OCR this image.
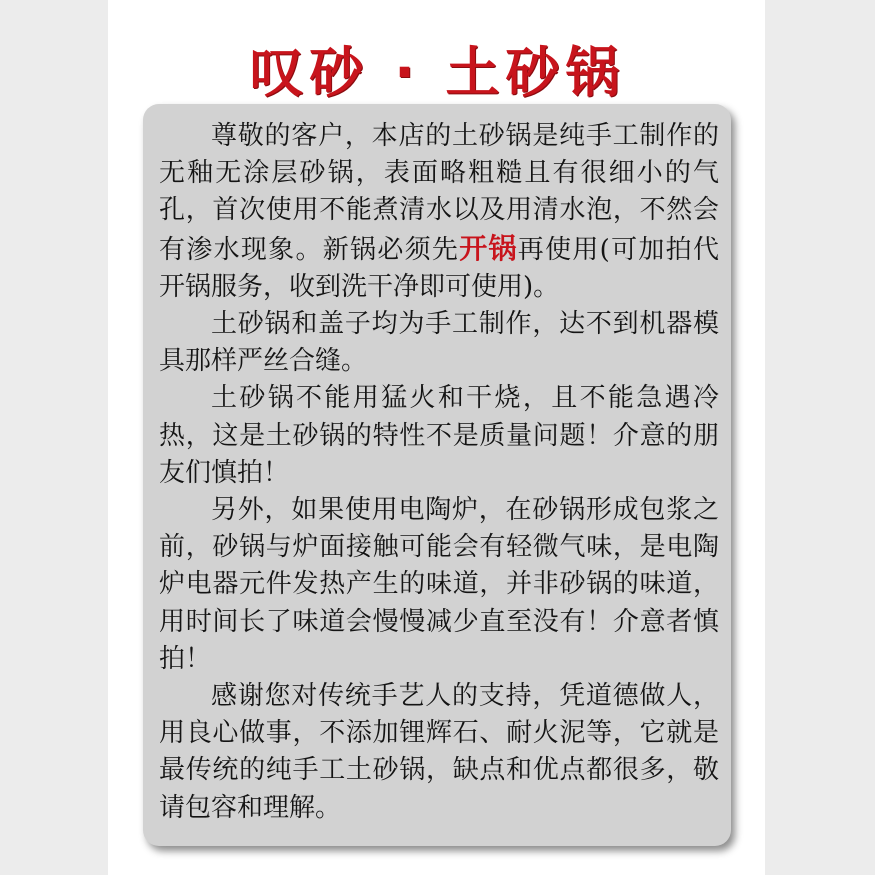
叹砂 · 土砂锅

尊敬的客户，本店的土砂锅是纯手工制作的无釉无涂层砂锅，表面略粗糙且有很细小的气孔，首次使用不能煮清水以及用清水泡，不然会有渗水现象。新锅必须先开锅再使用(可加拍代开锅服务，收到洗干净即可使用)。

土砂锅和盖子均为手工制作，达不到机器模具那样严丝合缝。

土砂锅不能用猛火和干烧，且不能急遇冷热，这是土砂锅的特性不是质量问题！介意的朋友们慎拍！

另外，如果使用电陶炉，在砂锅形成包浆之前，砂锅与炉面接触可能会有轻微气味，是电陶炉电器元件发热产生的味道，并非砂锅的味道，用时间长了味道会慢慢减少直至没有！介意者慎拍！

感谢您对传统手艺人的支持，凭道德做人，用良心做事，不添加锂辉石、耐火泥等，它就是最传统的纯手工土砂锅，缺点和优点都很多，敬请包容和理解。
